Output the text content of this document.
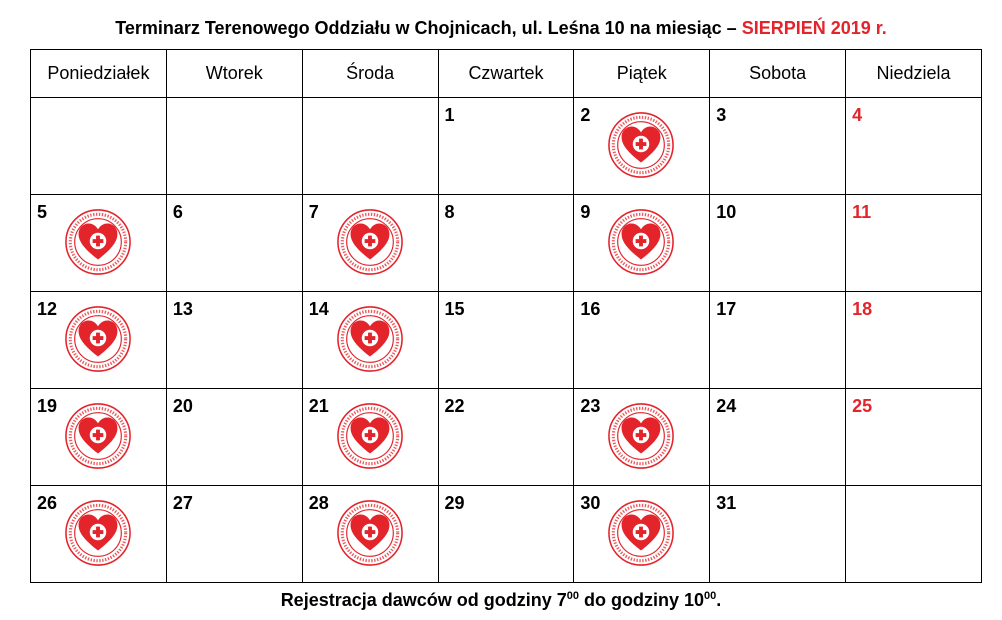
Terminarz Terenowego Oddziału w Chojnicach, ul. Leśna 10 na miesiąc – SIERPIEŃ 2019 r.
Poniedziałek	Wtorek	Środa	Czwartek	Piątek	Sobota	Niedziela

			1	2	3	4

5	6	7	8	9	10	11

12	13	14	15	16	17	18

19	20	21	22	23	24	25

26	27	28	29	30	31	

Rejestracja dawców od godziny $7^{00}$ do godziny $10^{00}$.
